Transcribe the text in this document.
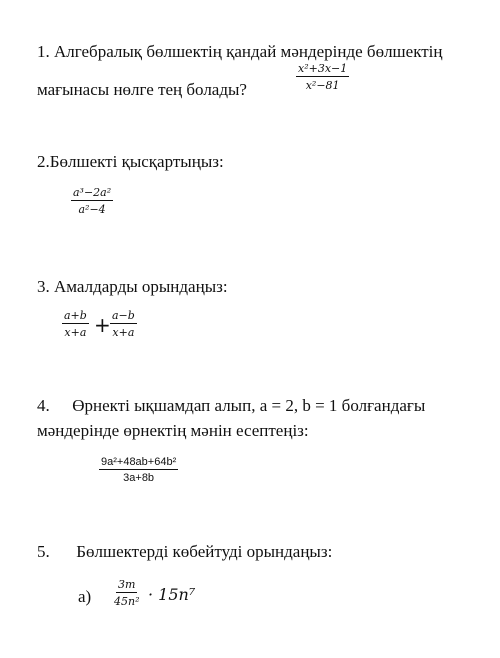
1. Алгебралық бөлшектің қандай мәндерінде бөлшектің
мағынасы нөлге тең болады?	$\frac{\text{x²+3x−1}}{\text{x²−81}}$
2.Бөлшекті қысқартыңыз:
$\frac{\text{a³−2a²}}{\text{a²−4}}$
3. Амалдарды орындаңыз:
$\frac{a+b}{x+a} + \frac{a-b}{x+a}$
4. Өрнекті ықшамдап алып, a = 2, b = 1 болғандағы
мәндерінде өрнектің мәнін есептеңіз:
$\frac{\text{9a²+48ab+64b²}}{3a+8b}$
5. Бөлшектерді көбейтуді орындаңыз:
$а) \frac{3m}{\text{45n²}} \cdot 15n^7$
